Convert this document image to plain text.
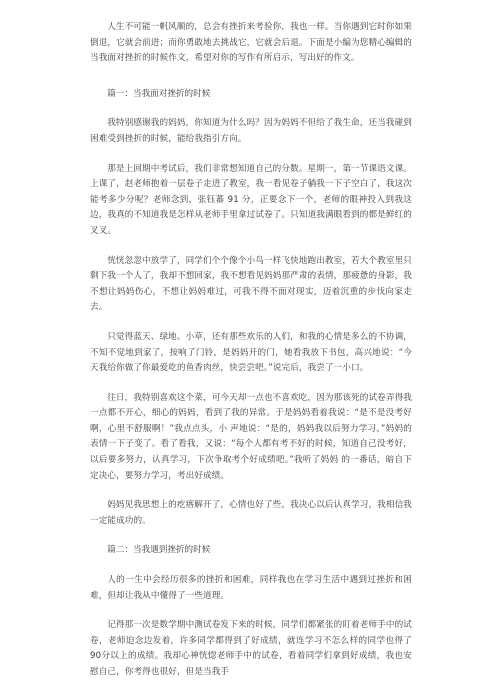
人生不可能一帆风顺的，总会有挫折来考验你，我也一样。当你遇到它时你如果倒退，它就会前进；而你勇敢地去挑战它，它就会后退。下面是小编为您精心编辑的当我面对挫折的时候作文，希望对你的写作有所启示，写出好的作文。

篇一：当我面对挫折的时候

我特别感谢我的妈妈，你知道为什么吗？因为妈妈不但给了我生命，还当我碰到困难受到挫折的时候，能给我指引方向。

那是上回期中考试后，我们非常想知道自己的分数。星期一，第一节课语文课。上课了，赵老师抱着一层卷子走进了教室，我一看见卷子躺我一下子空白了，我这次能考多少分呢？老师念到，张钰蕃 91 分，正要念下一个，老师的眼神投入到我这边，我真的不知道我是怎样从老师手里拿过试卷了。只知道我满眼看到的都是鲜红的叉叉。

恍恍忽忽中放学了，同学们个个像个小鸟一样飞快地跑出教室，若大个教室里只剩下我一个人了，我却不想回家，我不想看见妈妈那严肃的表情，那疲惫的身影，我不想让妈妈伤心，不想让妈妈难过，可我不得不面对现实，迈着沉重的步伐向家走去。

只觉得蓝天、绿地、小草，还有那些欢乐的人们，和我的心情是多么的不协调，不知不觉地到家了，按响了门铃，是妈妈开的门，她看我放下书包，高兴地说：“今天我给你做了你最爱吃的鱼香肉丝，快尝尝吧。”说完后，我尝了一小口。

往日，我特别喜欢这个菜，可今天却一点也不喜欢吃，因为那该死的试卷弄得我一点都不开心，细心的妈妈，看到了我的异常。于是妈妈看着我说：“是不是没考好啊，心里不舒服啊！”我点点头，小 声地说：“是的，妈妈我以后努力学习。”妈妈的表情一下子变了。看了看我，又说：“每个人都有考不好的时候，知道自己没考好，以后要多努力，认真学习，下次争取考个好成绩吧。”我听了妈妈 的一番话，暗自下定决心，要努力学习，考出好成绩。

妈妈见我思想上的疙瘩解开了，心情也好了些。我决心以后认真学习，我相信我一定能成功的。

篇二：当我遇到挫折的时候

人的一生中会经历很多的挫折和困难，同样我也在学习生活中遇到过挫折和困难，但却让我从中懂得了一些道理。

记得那一次是数学期中测试卷发下来的时候，同学们都紧张的盯着老师手中的试卷，老师迫念边发着，许多同学都得到了好成绩，就连学习不怎么样的同学也得了90分以上的成绩。我却心神恍惚老师手中的试卷，看着同学们拿到好成绩，我也安慰自己，你考得也很好，但是当我手
